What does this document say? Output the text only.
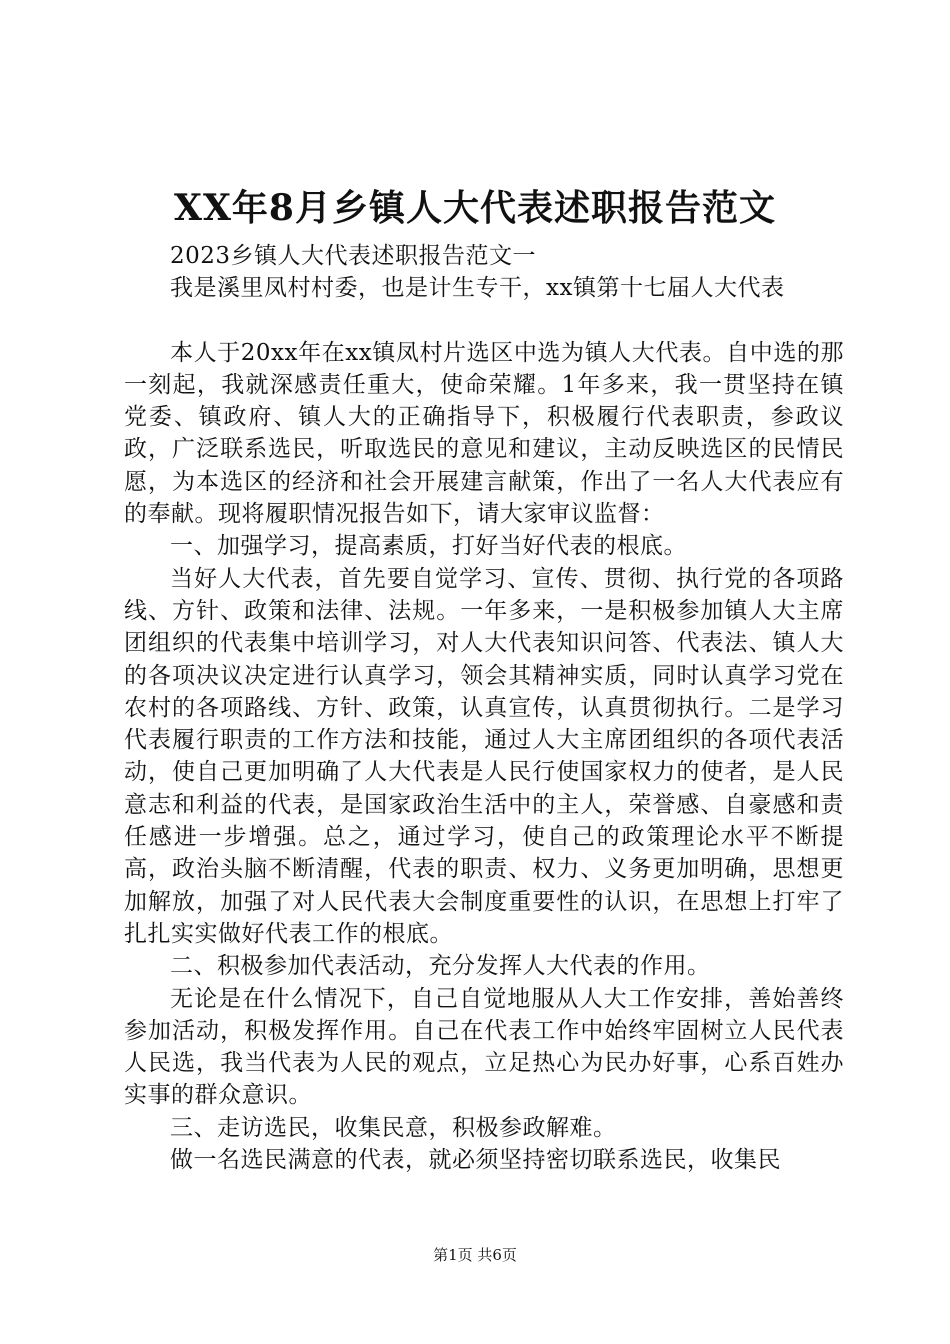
XX年8月乡镇人大代表述职报告范文

2023乡镇人大代表述职报告范文一

我是溪里凤村村委，也是计生专干，xx镇第十七届人大代表

本人于20xx年在xx镇凤村片选区中选为镇人大代表。自中选的那一刻起，我就深感责任重大，使命荣耀。1年多来，我一贯坚持在镇党委、镇政府、镇人大的正确指导下，积极履行代表职责，参政议政，广泛联系选民，听取选民的意见和建议，主动反映选区的民情民愿，为本选区的经济和社会开展建言献策，作出了一名人大代表应有的奉献。现将履职情况报告如下，请大家审议监督：

一、加强学习，提高素质，打好当好代表的根底。

当好人大代表，首先要自觉学习、宣传、贯彻、执行党的各项路线、方针、政策和法律、法规。一年多来，一是积极参加镇人大主席团组织的代表集中培训学习，对人大代表知识问答、代表法、镇人大的各项决议决定进行认真学习，领会其精神实质，同时认真学习党在农村的各项路线、方针、政策，认真宣传，认真贯彻执行。二是学习代表履行职责的工作方法和技能，通过人大主席团组织的各项代表活动，使自己更加明确了人大代表是人民行使国家权力的使者，是人民意志和利益的代表，是国家政治生活中的主人，荣誉感、自豪感和责任感进一步增强。总之，通过学习，使自己的政策理论水平不断提高，政治头脑不断清醒，代表的职责、权力、义务更加明确，思想更加解放，加强了对人民代表大会制度重要性的认识，在思想上打牢了扎扎实实做好代表工作的根底。

二、积极参加代表活动，充分发挥人大代表的作用。

无论是在什么情况下，自己自觉地服从人大工作安排，善始善终参加活动，积极发挥作用。自己在代表工作中始终牢固树立人民代表人民选，我当代表为人民的观点，立足热心为民办好事，心系百姓办实事的群众意识。

三、走访选民，收集民意，积极参政解难。

做一名选民满意的代表，就必须坚持密切联系选民，收集民

第1页 共6页
